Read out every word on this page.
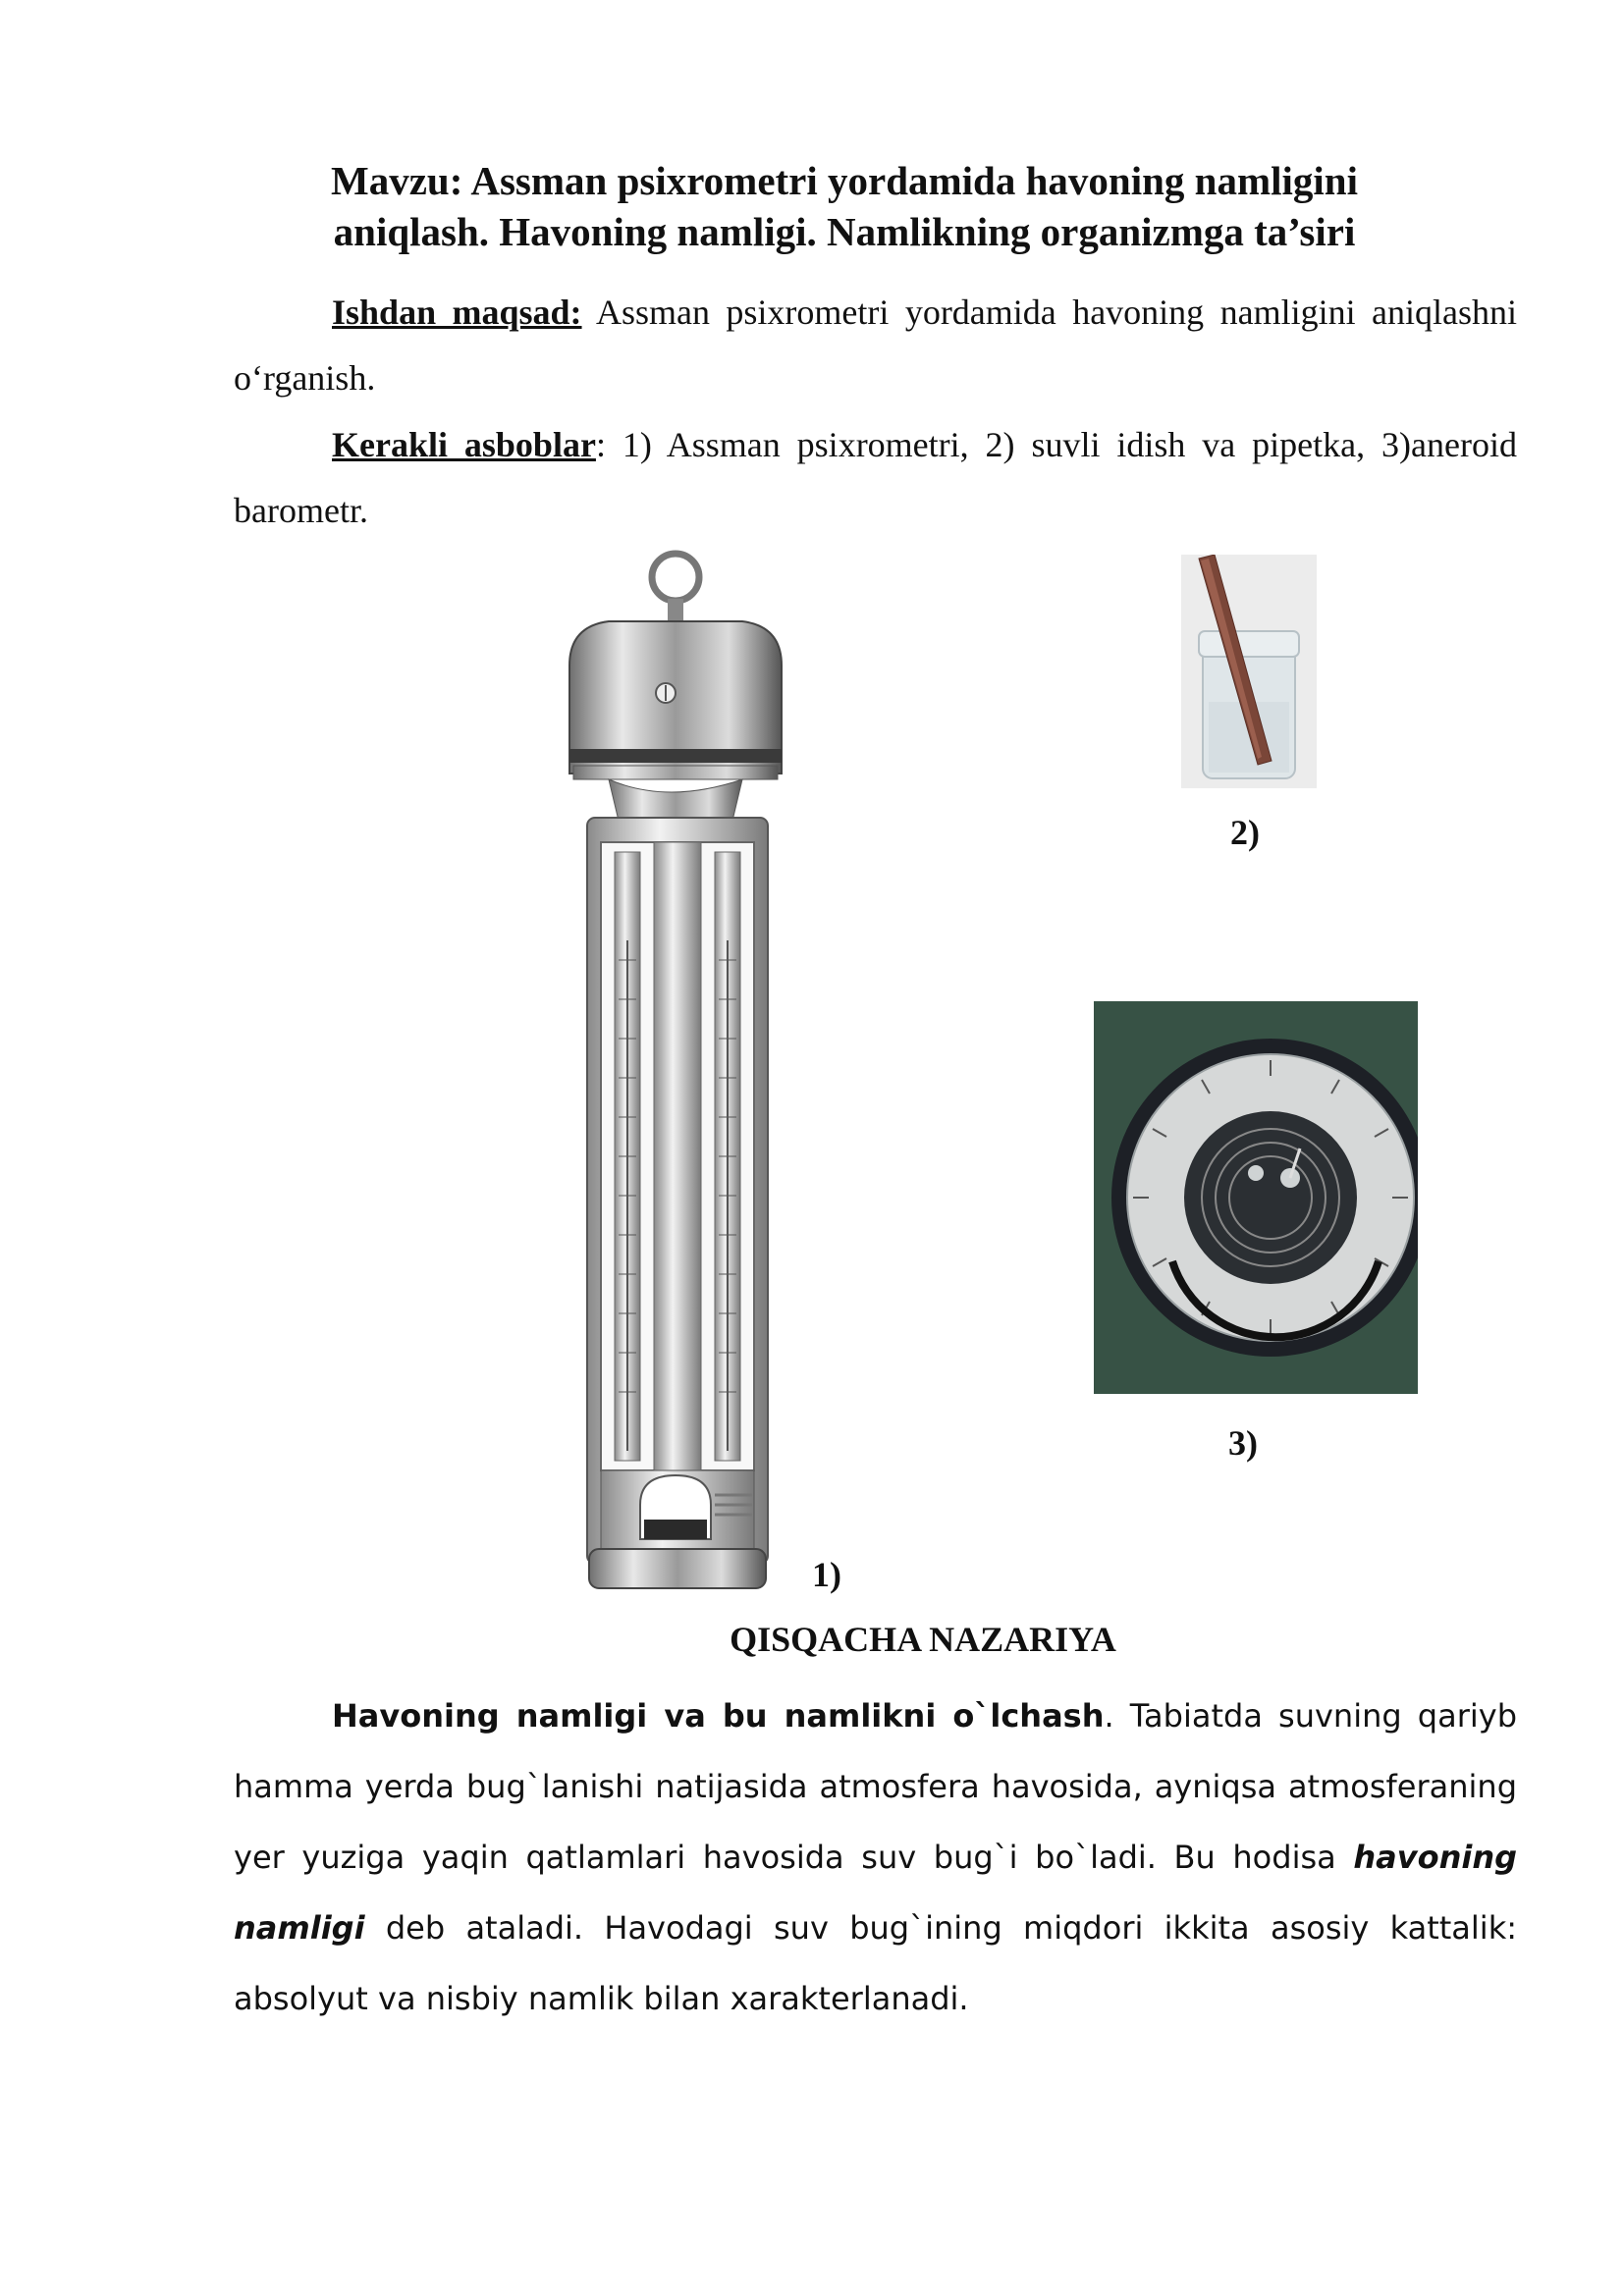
Mavzu: Assman psixrometri yordamida havoning namligini
aniqlash. Havoning namligi. Namlikning organizmga ta’siri

Ishdan maqsad: Assman psixrometri yordamida havoning namligini aniqlashni o‘rganish.

Kerakli asboblar: 1) Assman psixrometri, 2) suvli idish va pipetka, 3)aneroid barometr.

1)
2)
3)
QISQACHA NAZARIYA

Havoning namligi va bu namlikni o`lchash. Tabiatda suvning qariyb hamma yerda bug`lanishi natijasida atmosfera havosida, ayniqsa atmosferaning yer yuziga yaqin qatlamlari havosida suv bug`i bo`ladi. Bu hodisa havoning namligi deb ataladi. Havodagi suv bug`ining miqdori ikkita asosiy kattalik: absolyut va nisbiy namlik bilan xarakterlanadi.
